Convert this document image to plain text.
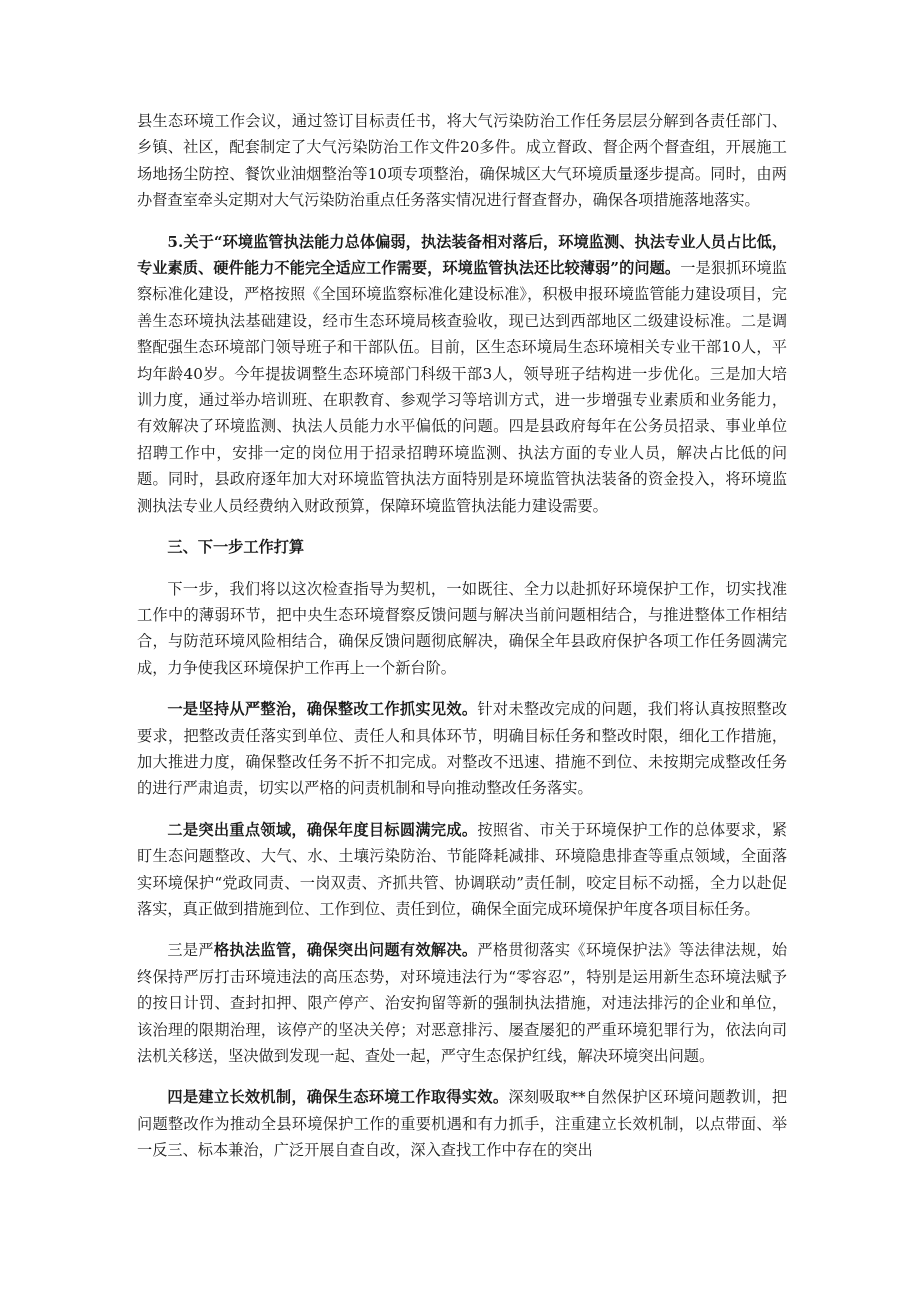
县生态环境工作会议，通过签订目标责任书，将大气污染防治工作任务层层分解到各责任部门、乡镇、社区，配套制定了大气污染防治工作文件20多件。成立督政、督企两个督查组，开展施工场地扬尘防控、餐饮业油烟整治等10项专项整治，确保城区大气环境质量逐步提高。同时，由两办督查室牵头定期对大气污染防治重点任务落实情况进行督查督办，确保各项措施落地落实。

5.关于“环境监管执法能力总体偏弱，执法装备相对落后，环境监测、执法专业人员占比低，专业素质、硬件能力不能完全适应工作需要，环境监管执法还比较薄弱”的问题。一是狠抓环境监察标准化建设，严格按照《全国环境监察标准化建设标准》，积极申报环境监管能力建设项目，完善生态环境执法基础建设，经市生态环境局核查验收，现已达到西部地区二级建设标准。二是调整配强生态环境部门领导班子和干部队伍。目前，区生态环境局生态环境相关专业干部10人，平均年龄40岁。今年提拔调整生态环境部门科级干部3人，领导班子结构进一步优化。三是加大培训力度，通过举办培训班、在职教育、参观学习等培训方式，进一步增强专业素质和业务能力，有效解决了环境监测、执法人员能力水平偏低的问题。四是县政府每年在公务员招录、事业单位招聘工作中，安排一定的岗位用于招录招聘环境监测、执法方面的专业人员，解决占比低的问题。同时，县政府逐年加大对环境监管执法方面特别是环境监管执法装备的资金投入，将环境监测执法专业人员经费纳入财政预算，保障环境监管执法能力建设需要。

三、下一步工作打算

下一步，我们将以这次检查指导为契机，一如既往、全力以赴抓好环境保护工作，切实找准工作中的薄弱环节，把中央生态环境督察反馈问题与解决当前问题相结合，与推进整体工作相结合，与防范环境风险相结合，确保反馈问题彻底解决，确保全年县政府保护各项工作任务圆满完成，力争使我区环境保护工作再上一个新台阶。

一是坚持从严整治，确保整改工作抓实见效。针对未整改完成的问题，我们将认真按照整改要求，把整改责任落实到单位、责任人和具体环节，明确目标任务和整改时限，细化工作措施，加大推进力度，确保整改任务不折不扣完成。对整改不迅速、措施不到位、未按期完成整改任务的进行严肃追责，切实以严格的问责机制和导向推动整改任务落实。

二是突出重点领域，确保年度目标圆满完成。按照省、市关于环境保护工作的总体要求，紧盯生态问题整改、大气、水、土壤污染防治、节能降耗减排、环境隐患排查等重点领域，全面落实环境保护“党政同责、一岗双责、齐抓共管、协调联动”责任制，咬定目标不动摇，全力以赴促落实，真正做到措施到位、工作到位、责任到位，确保全面完成环境保护年度各项目标任务。

三是严格执法监管，确保突出问题有效解决。严格贯彻落实《环境保护法》等法律法规，始终保持严厉打击环境违法的高压态势，对环境违法行为“零容忍”，特别是运用新生态环境法赋予的按日计罚、查封扣押、限产停产、治安拘留等新的强制执法措施，对违法排污的企业和单位，该治理的限期治理，该停产的坚决关停；对恶意排污、屡查屡犯的严重环境犯罪行为，依法向司法机关移送，坚决做到发现一起、查处一起，严守生态保护红线，解决环境突出问题。

四是建立长效机制，确保生态环境工作取得实效。深刻吸取**自然保护区环境问题教训，把问题整改作为推动全县环境保护工作的重要机遇和有力抓手，注重建立长效机制，以点带面、举一反三、标本兼治，广泛开展自查自改，深入查找工作中存在的突出
